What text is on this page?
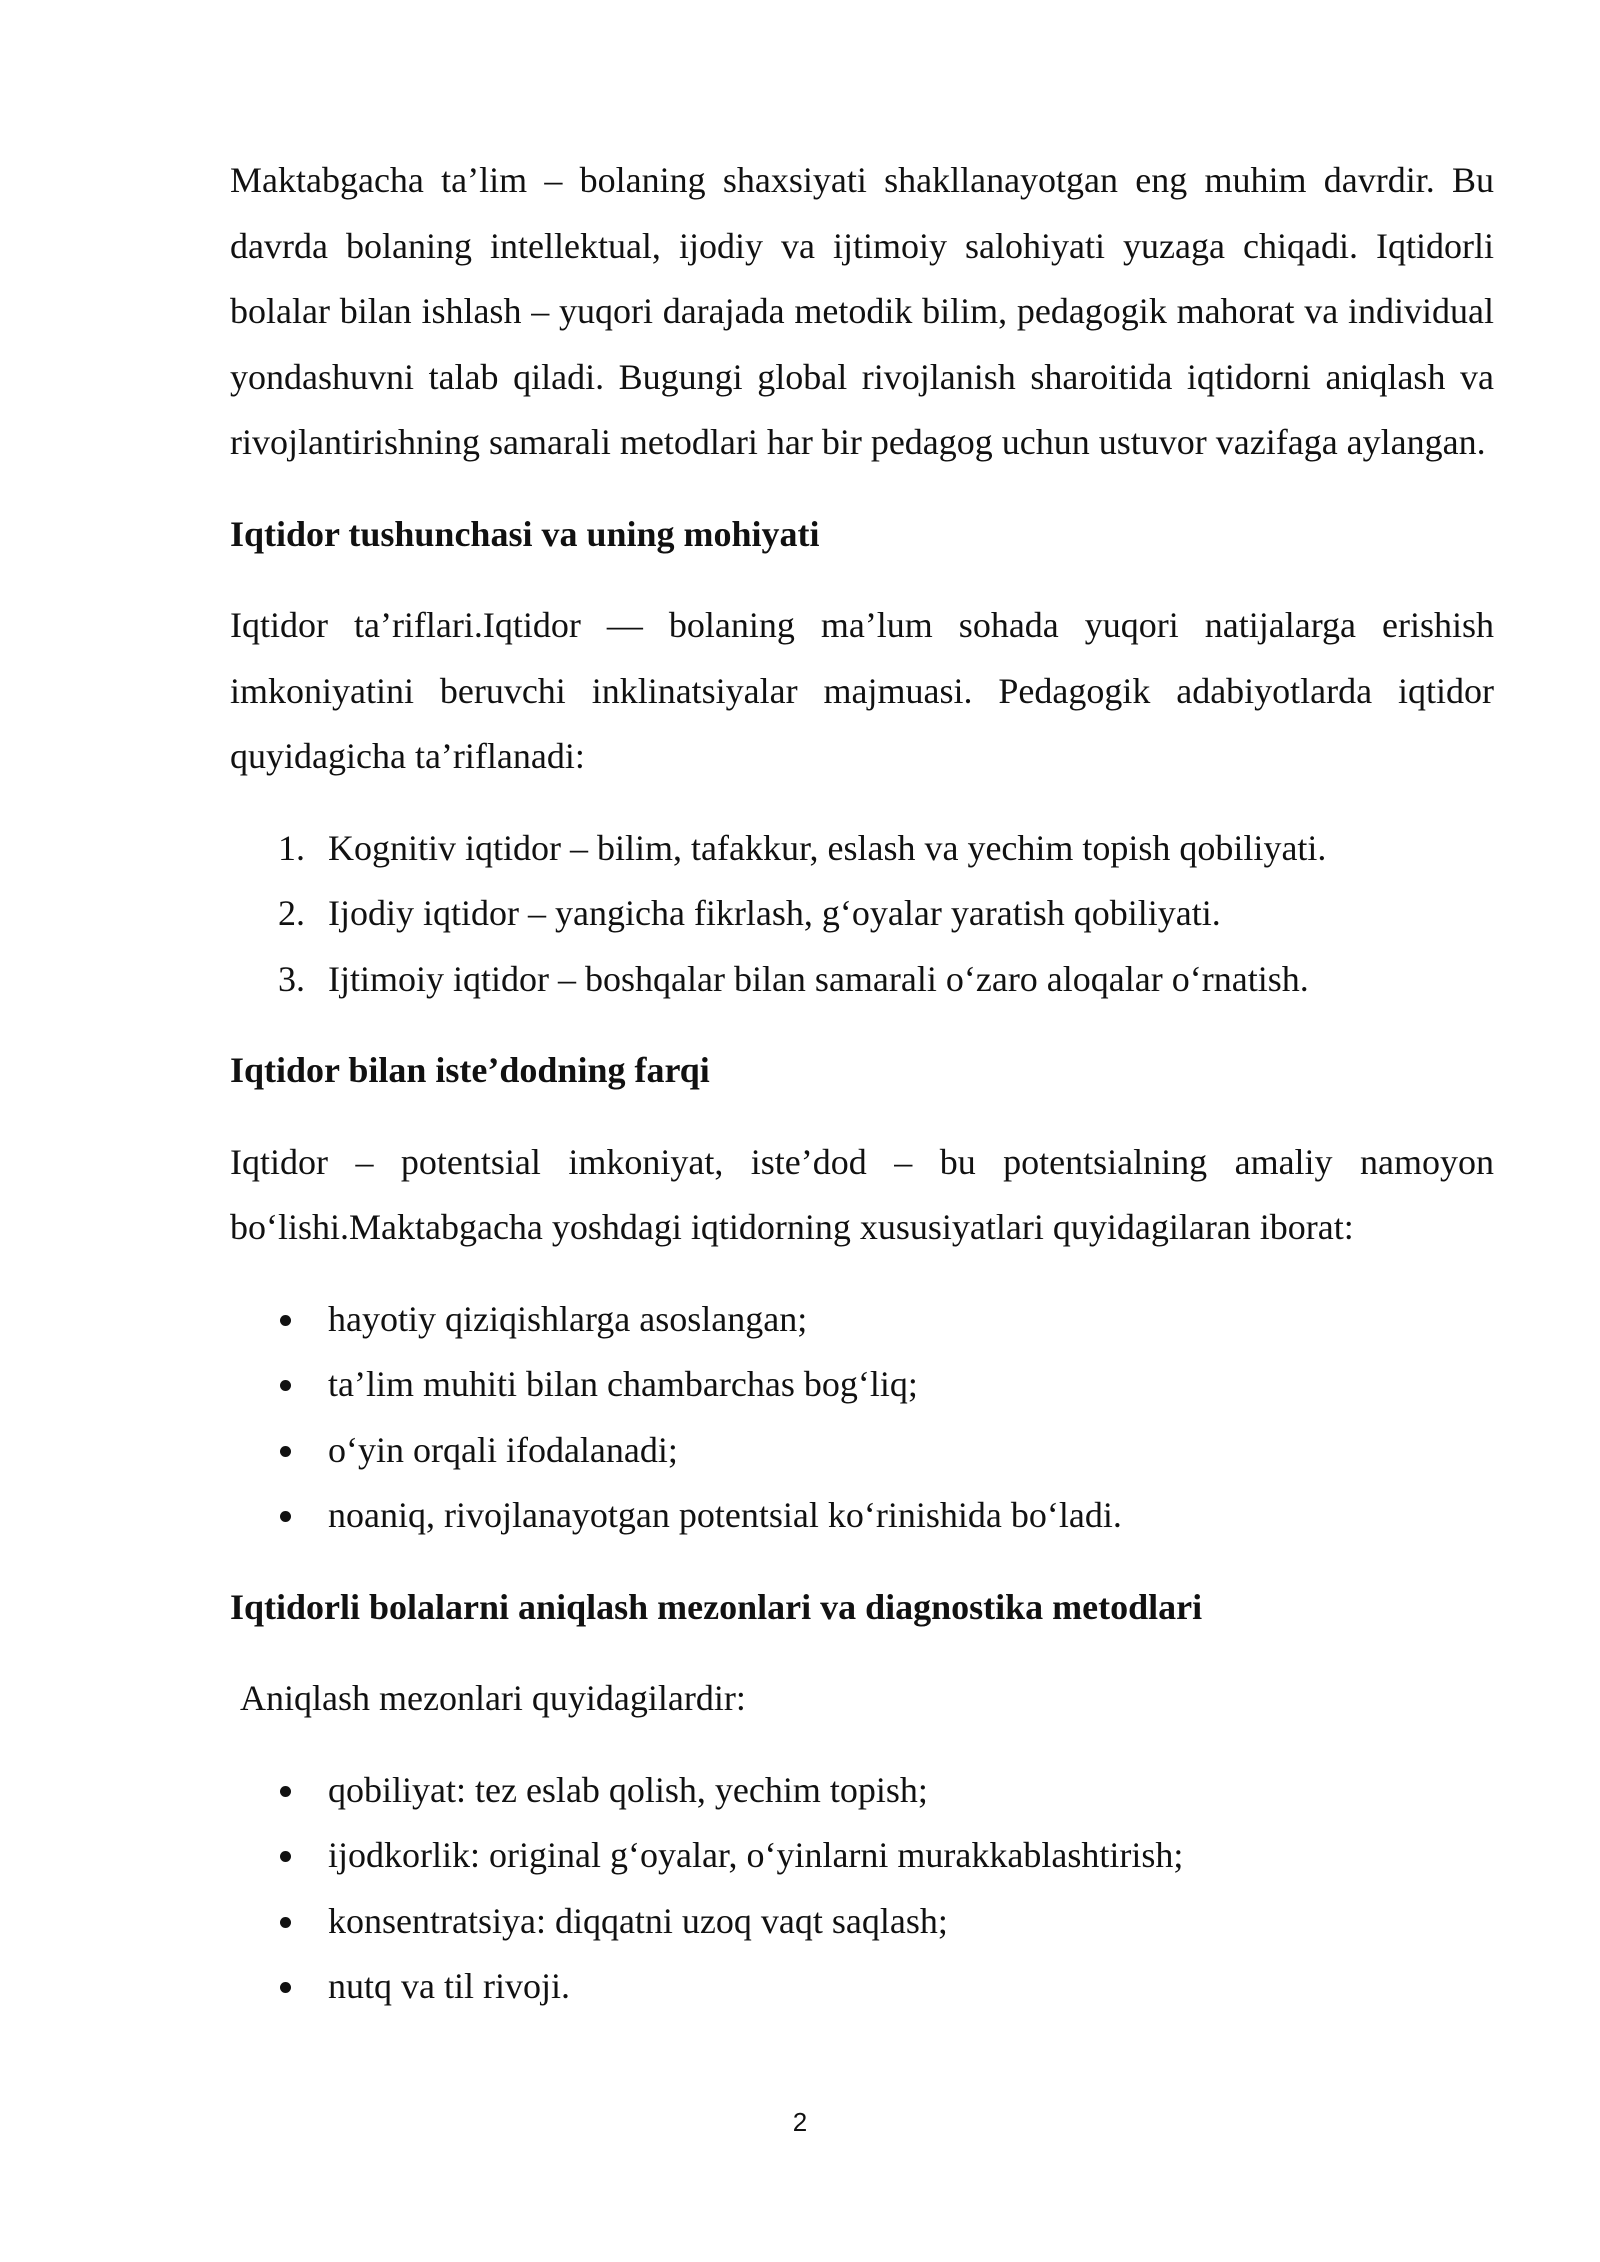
Maktabgacha ta’lim – bolaning shaxsiyati shakllanayotgan eng muhim davrdir. Bu davrda bolaning intellektual, ijodiy va ijtimoiy salohiyati yuzaga chiqadi. Iqtidorli bolalar bilan ishlash – yuqori darajada metodik bilim, pedagogik mahorat va individual yondashuvni talab qiladi. Bugungi global rivojlanish sharoitida iqtidorni aniqlash va rivojlantirishning samarali metodlari har bir pedagog uchun ustuvor vazifaga aylangan.

Iqtidor tushunchasi va uning mohiyati

Iqtidor ta’riflari.Iqtidor — bolaning ma’lum sohada yuqori natijalarga erishish imkoniyatini beruvchi inklinatsiyalar majmuasi. Pedagogik adabiyotlarda iqtidor quyidagicha ta’riflanadi:

1. Kognitiv iqtidor – bilim, tafakkur, eslash va yechim topish qobiliyati.
2. Ijodiy iqtidor – yangicha fikrlash, g‘oyalar yaratish qobiliyati.
3. Ijtimoiy iqtidor – boshqalar bilan samarali o‘zaro aloqalar o‘rnatish.
Iqtidor bilan iste’dodning farqi

Iqtidor – potentsial imkoniyat, iste’dod – bu potentsialning amaliy namoyon bo‘lishi.Maktabgacha yoshdagi iqtidorning xususiyatlari quyidagilaran iborat:

hayotiy qiziqishlarga asoslangan;
ta’lim muhiti bilan chambarchas bog‘liq;
o‘yin orqali ifodalanadi;
noaniq, rivojlanayotgan potentsial ko‘rinishida bo‘ladi.
Iqtidorli bolalarni aniqlash mezonlari va diagnostika metodlari

Aniqlash mezonlari quyidagilardir:

qobiliyat: tez eslab qolish, yechim topish;
ijodkorlik: original g‘oyalar, o‘yinlarni murakkablashtirish;
konsentratsiya: diqqatni uzoq vaqt saqlash;
nutq va til rivoji.
2
